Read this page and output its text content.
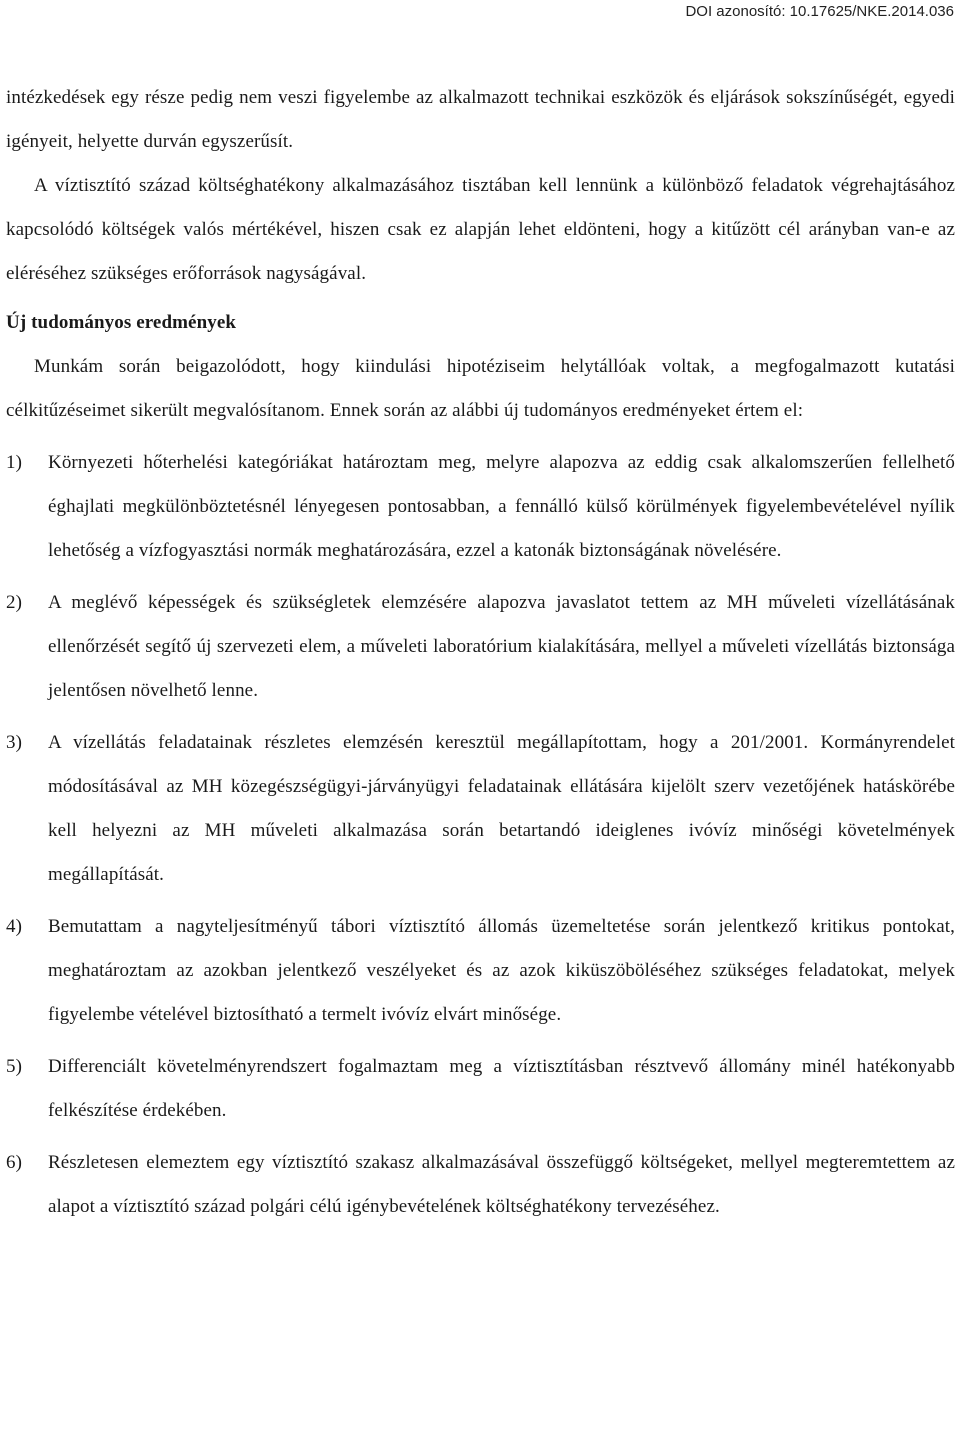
DOI azonosító: 10.17625/NKE.2014.036

intézkedések egy része pedig nem veszi figyelembe az alkalmazott technikai eszközök és eljárások sokszínűségét, egyedi igényeit, helyette durván egyszerűsít.

A víztisztító század költséghatékony alkalmazásához tisztában kell lennünk a különböző feladatok végrehajtásához kapcsolódó költségek valós mértékével, hiszen csak ez alapján lehet eldönteni, hogy a kitűzött cél arányban van-e az eléréséhez szükséges erőforrások nagyságával.

Új tudományos eredmények

Munkám során beigazolódott, hogy kiindulási hipotéziseim helytállóak voltak, a megfogalmazott kutatási célkitűzéseimet sikerült megvalósítanom. Ennek során az alábbi új tudományos eredményeket értem el:

1)	Környezeti hőterhelési kategóriákat határoztam meg, melyre alapozva az eddig csak alkalomszerűen fellelhető éghajlati megkülönböztetésnél lényegesen pontosabban, a fennálló külső körülmények figyelembevételével nyílik lehetőség a vízfogyasztási normák meghatározására, ezzel a katonák biztonságának növelésére.

2)	A meglévő képességek és szükségletek elemzésére alapozva javaslatot tettem az MH műveleti vízellátásának ellenőrzését segítő új szervezeti elem, a műveleti laboratórium kialakítására, mellyel a műveleti vízellátás biztonsága jelentősen növelhető lenne.

3)	A vízellátás feladatainak részletes elemzésén keresztül megállapítottam, hogy a 201/2001. Kormányrendelet módosításával az MH közegészségügyi-járványügyi feladatainak ellátására kijelölt szerv vezetőjének hatáskörébe kell helyezni az MH műveleti alkalmazása során betartandó ideiglenes ivóvíz minőségi követelmények megállapítását.

4)	Bemutattam a nagyteljesítményű tábori víztisztító állomás üzemeltetése során jelentkező kritikus pontokat, meghatároztam az azokban jelentkező veszélyeket és az azok kiküszöböléséhez szükséges feladatokat, melyek figyelembe vételével biztosítható a termelt ivóvíz elvárt minősége.

5)	Differenciált követelményrendszert fogalmaztam meg a víztisztításban résztvevő állomány minél hatékonyabb felkészítése érdekében.

6)	Részletesen elemeztem egy víztisztító szakasz alkalmazásával összefüggő költségeket, mellyel megteremtettem az alapot a víztisztító század polgári célú igénybevételének költséghatékony tervezéséhez.
